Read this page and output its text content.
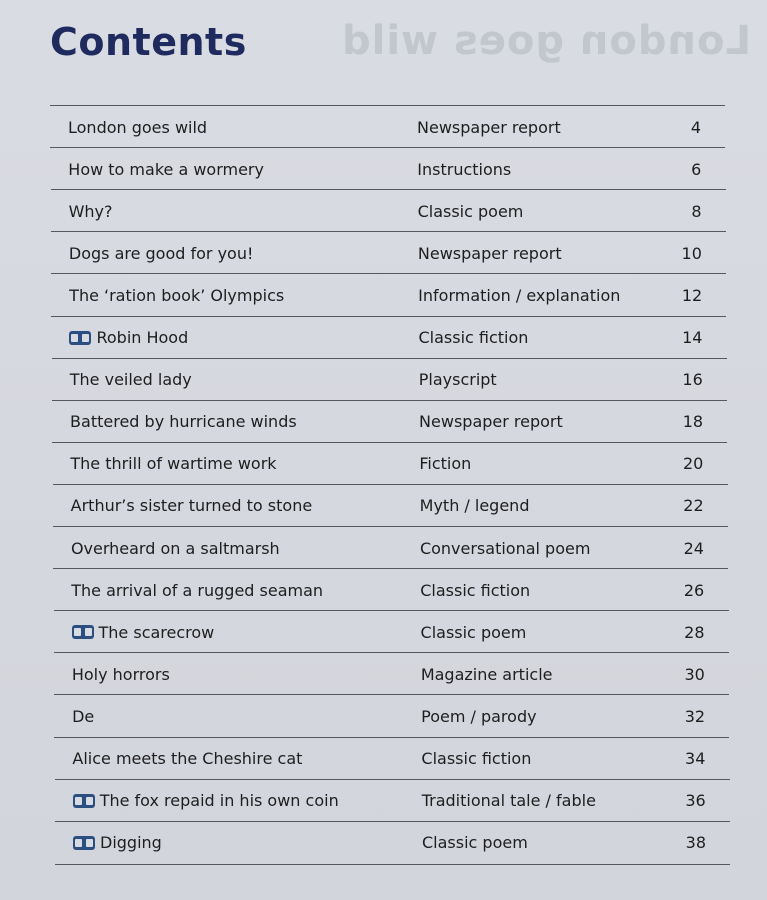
London goes wild
Contents
London goes wild	Newspaper report	4
How to make a wormery	Instructions	6
Why?	Classic poem	8
Dogs are good for you!	Newspaper report	10
The ‘ration book’ Olympics	Information / explanation	12
Robin Hood	Classic fiction	14
The veiled lady	Playscript	16
Battered by hurricane winds	Newspaper report	18
The thrill of wartime work	Fiction	20
Arthur’s sister turned to stone	Myth / legend	22
Overheard on a saltmarsh	Conversational poem	24
The arrival of a rugged seaman	Classic fiction	26
The scarecrow	Classic poem	28
Holy horrors	Magazine article	30
De	Poem / parody	32
Alice meets the Cheshire cat	Classic fiction	34
The fox repaid in his own coin	Traditional tale / fable	36
Digging	Classic poem	38
